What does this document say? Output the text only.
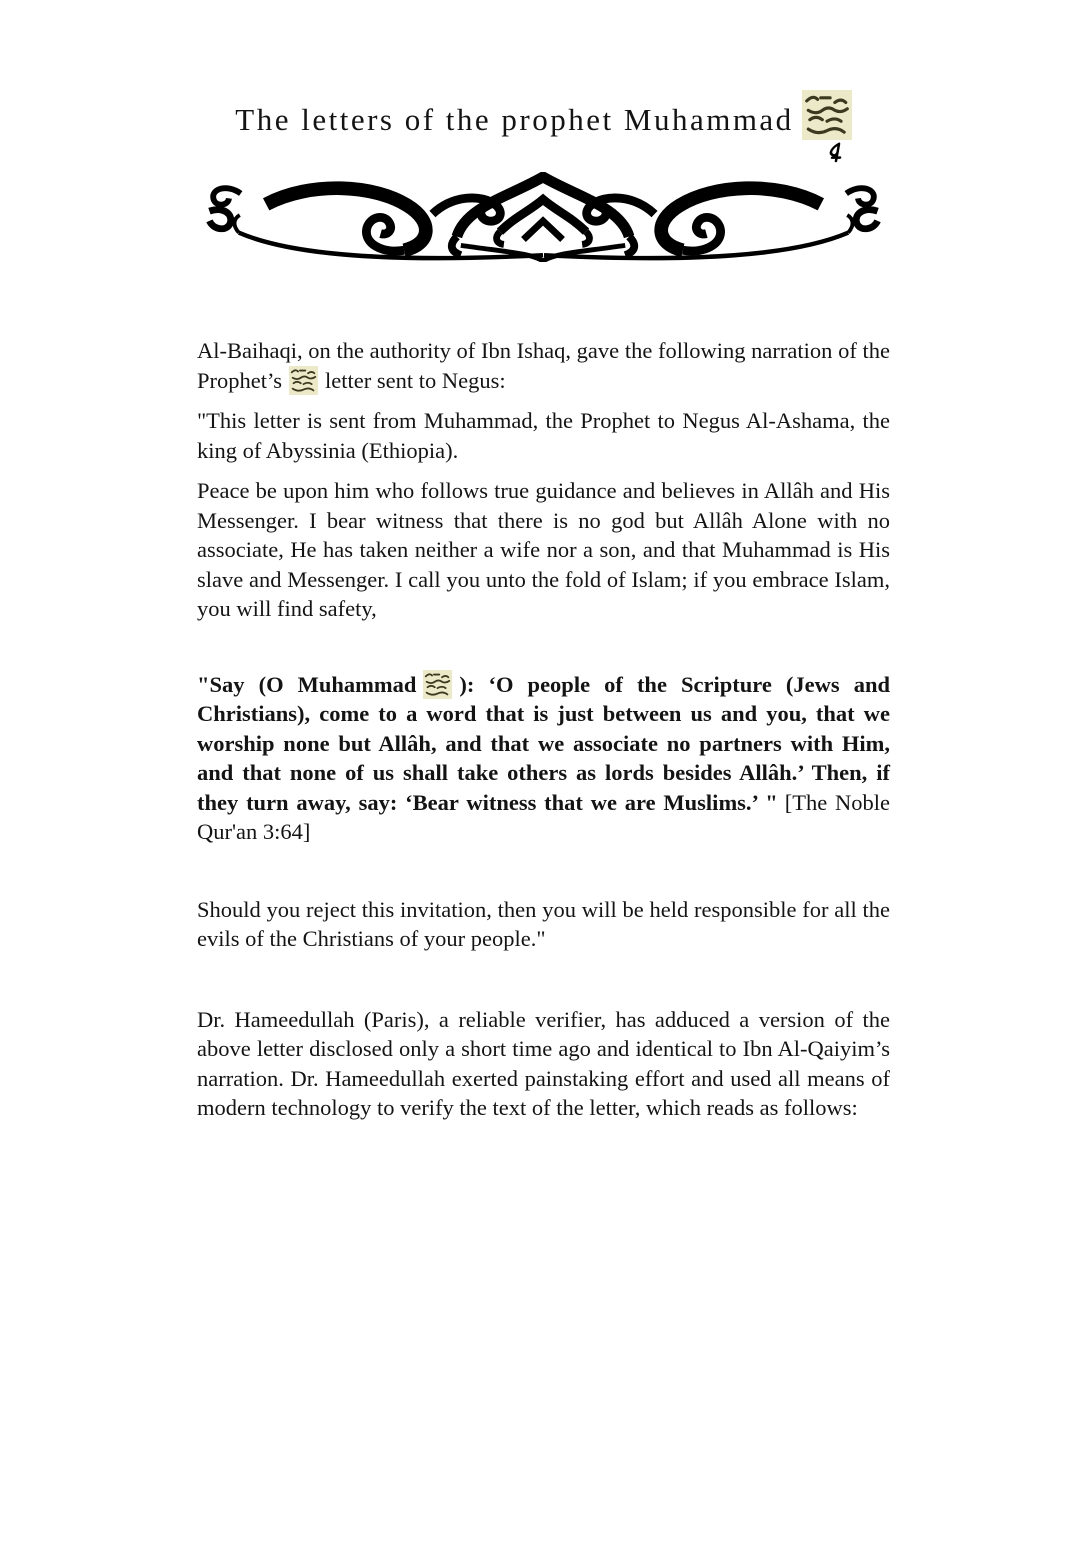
The letters of the prophet Muhammad

Al-Baihaqi, on the authority of Ibn Ishaq, gave the following narration of the Prophet’s letter sent to Negus:

"This letter is sent from Muhammad, the Prophet to Negus Al-Ashama, the king of Abyssinia (Ethiopia).

Peace be upon him who follows true guidance and believes in Allâh and His Messenger. I bear witness that there is no god but Allâh Alone with no associate, He has taken neither a wife nor a son, and that Muhammad is His slave and Messenger. I call you unto the fold of Islam; if you embrace Islam, you will find safety,

"Say (O Muhammad ): ‘O people of the Scripture (Jews and Christians), come to a word that is just between us and you, that we worship none but Allâh, and that we associate no partners with Him, and that none of us shall take others as lords besides Allâh.’ Then, if they turn away, say: ‘Bear witness that we are Muslims.’ " [The Noble Qur'an 3:64]

Should you reject this invitation, then you will be held responsible for all the evils of the Christians of your people."

Dr. Hameedullah (Paris), a reliable verifier, has adduced a version of the above letter disclosed only a short time ago and identical to Ibn Al-Qaiyim’s narration. Dr. Hameedullah exerted painstaking effort and used all means of modern technology to verify the text of the letter, which reads as follows:
